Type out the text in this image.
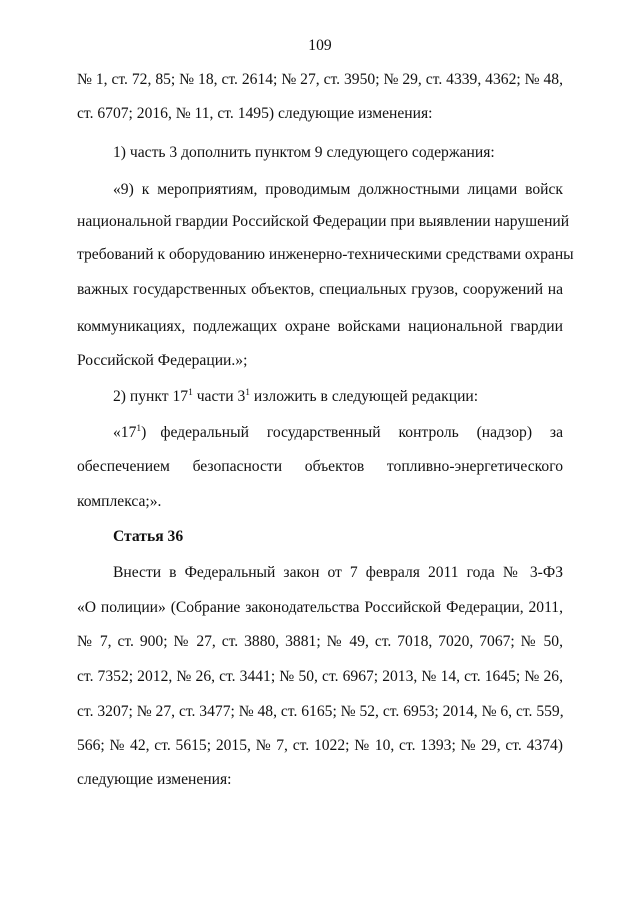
109
№ 1, ст. 72, 85; № 18, ст. 2614; № 27, ст. 3950; № 29, ст. 4339, 4362; № 48,
ст. 6707; 2016, № 11, ст. 1495) следующие изменения:
1) часть 3 дополнить пунктом 9 следующего содержания:
«9) к мероприятиям, проводимым должностными лицами войск
национальной гвардии Российской Федерации при выявлении нарушений
требований к оборудованию инженерно-техническими средствами охраны
важных государственных объектов, специальных грузов, сооружений на
коммуникациях, подлежащих охране войсками национальной гвардии
Российской Федерации.»;
2) пункт $17^1$ части $3^1$ изложить в следующей редакции:
«$17^1$) федеральный государственный контроль (надзор) за
обеспечением безопасности объектов топливно-энергетического
комплекса;».
Статья 36
Внести в Федеральный закон от 7 февраля 2011 года № 3-ФЗ
«О полиции» (Собрание законодательства Российской Федерации, 2011,
№ 7, ст. 900; № 27, ст. 3880, 3881; № 49, ст. 7018, 7020, 7067; № 50,
ст. 7352; 2012, № 26, ст. 3441; № 50, ст. 6967; 2013, № 14, ст. 1645; № 26,
ст. 3207; № 27, ст. 3477; № 48, ст. 6165; № 52, ст. 6953; 2014, № 6, ст. 559,
566; № 42, ст. 5615; 2015, № 7, ст. 1022; № 10, ст. 1393; № 29, ст. 4374)
следующие изменения:
